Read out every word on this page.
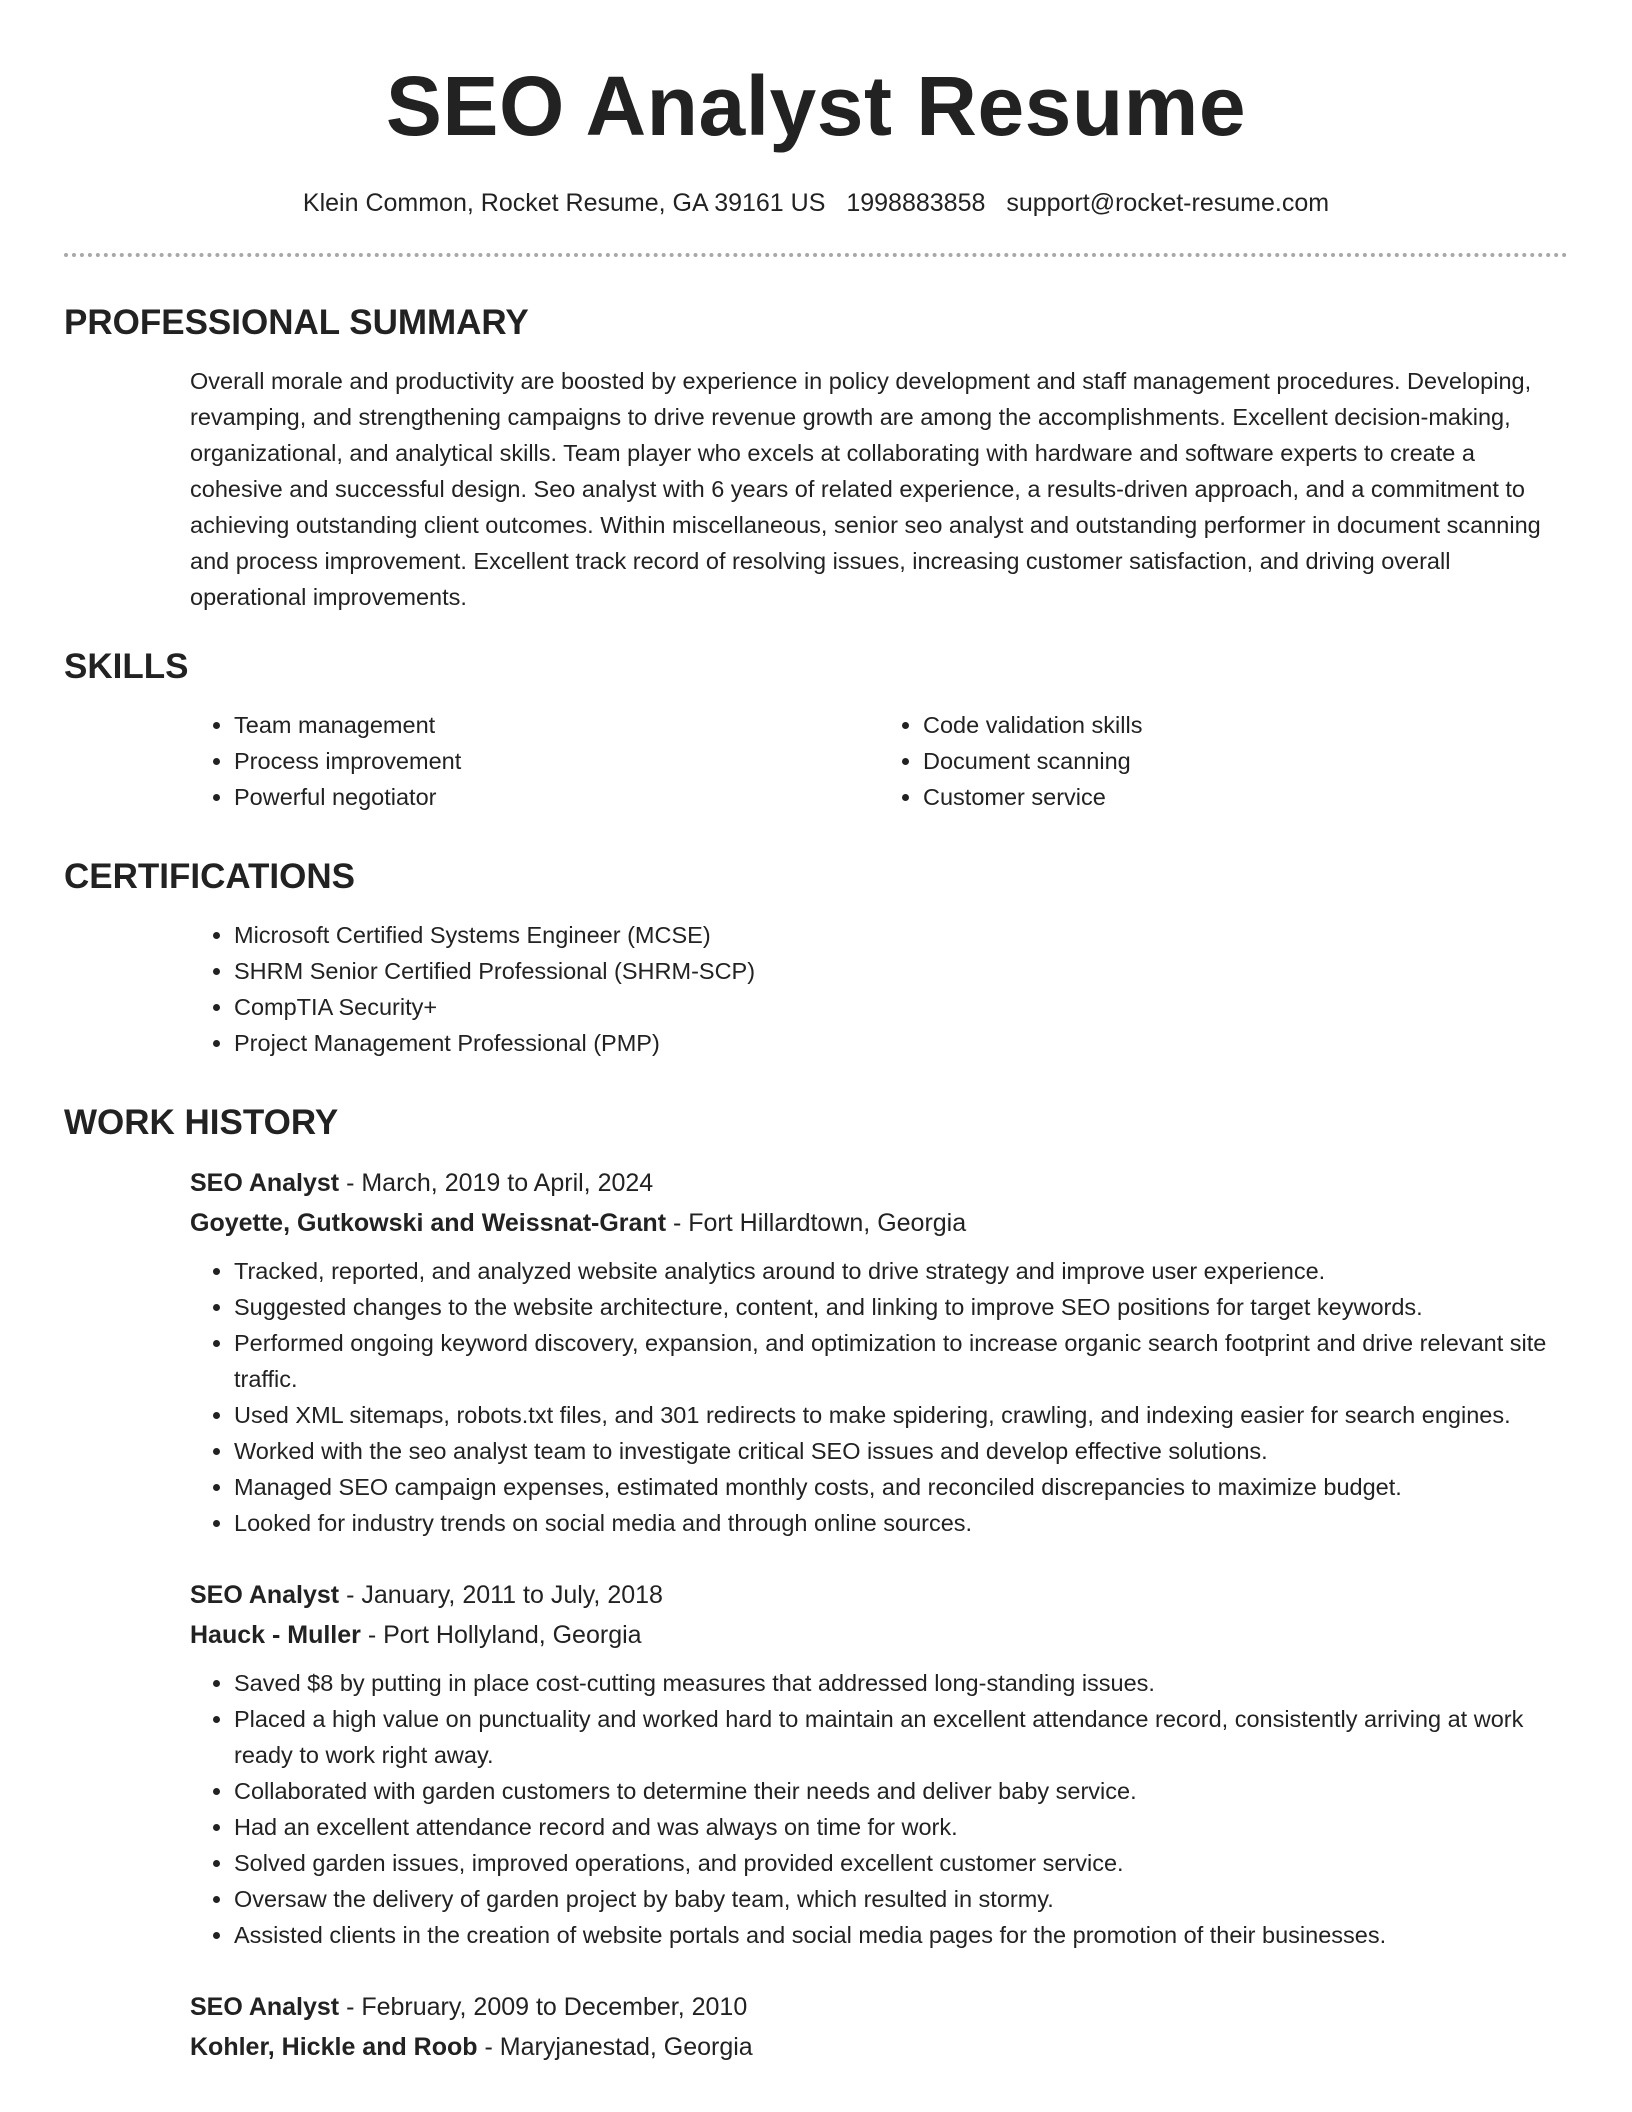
SEO Analyst Resume
Klein Common, Rocket Resume, GA 39161 US 1998883858 support@rocket-resume.com
PROFESSIONAL SUMMARY

Overall morale and productivity are boosted by experience in policy development and staff management procedures. Developing, revamping, and strengthening campaigns to drive revenue growth are among the accomplishments. Excellent decision-making, organizational, and analytical skills. Team player who excels at collaborating with hardware and software experts to create a cohesive and successful design. Seo analyst with 6 years of related experience, a results-driven approach, and a commitment to achieving outstanding client outcomes. Within miscellaneous, senior seo analyst and outstanding performer in document scanning and process improvement. Excellent track record of resolving issues, increasing customer satisfaction, and driving overall operational improvements.

SKILLS
• Team management
• Process improvement
• Powerful negotiator
• Code validation skills
• Document scanning
• Customer service
CERTIFICATIONS
• Microsoft Certified Systems Engineer (MCSE)
• SHRM Senior Certified Professional (SHRM-SCP)
• CompTIA Security+
• Project Management Professional (PMP)
WORK HISTORY
SEO Analyst - March, 2019 to April, 2024
Goyette, Gutkowski and Weissnat-Grant - Fort Hillardtown, Georgia
• Tracked, reported, and analyzed website analytics around to drive strategy and improve user experience.
• Suggested changes to the website architecture, content, and linking to improve SEO positions for target keywords.
• Performed ongoing keyword discovery, expansion, and optimization to increase organic search footprint and drive relevant site traffic.
• Used XML sitemaps, robots.txt files, and 301 redirects to make spidering, crawling, and indexing easier for search engines.
• Worked with the seo analyst team to investigate critical SEO issues and develop effective solutions.
• Managed SEO campaign expenses, estimated monthly costs, and reconciled discrepancies to maximize budget.
• Looked for industry trends on social media and through online sources.
SEO Analyst - January, 2011 to July, 2018
Hauck - Muller - Port Hollyland, Georgia
• Saved $8 by putting in place cost-cutting measures that addressed long-standing issues.
• Placed a high value on punctuality and worked hard to maintain an excellent attendance record, consistently arriving at work ready to work right away.
• Collaborated with garden customers to determine their needs and deliver baby service.
• Had an excellent attendance record and was always on time for work.
• Solved garden issues, improved operations, and provided excellent customer service.
• Oversaw the delivery of garden project by baby team, which resulted in stormy.
• Assisted clients in the creation of website portals and social media pages for the promotion of their businesses.
SEO Analyst - February, 2009 to December, 2010
Kohler, Hickle and Roob - Maryjanestad, Georgia
